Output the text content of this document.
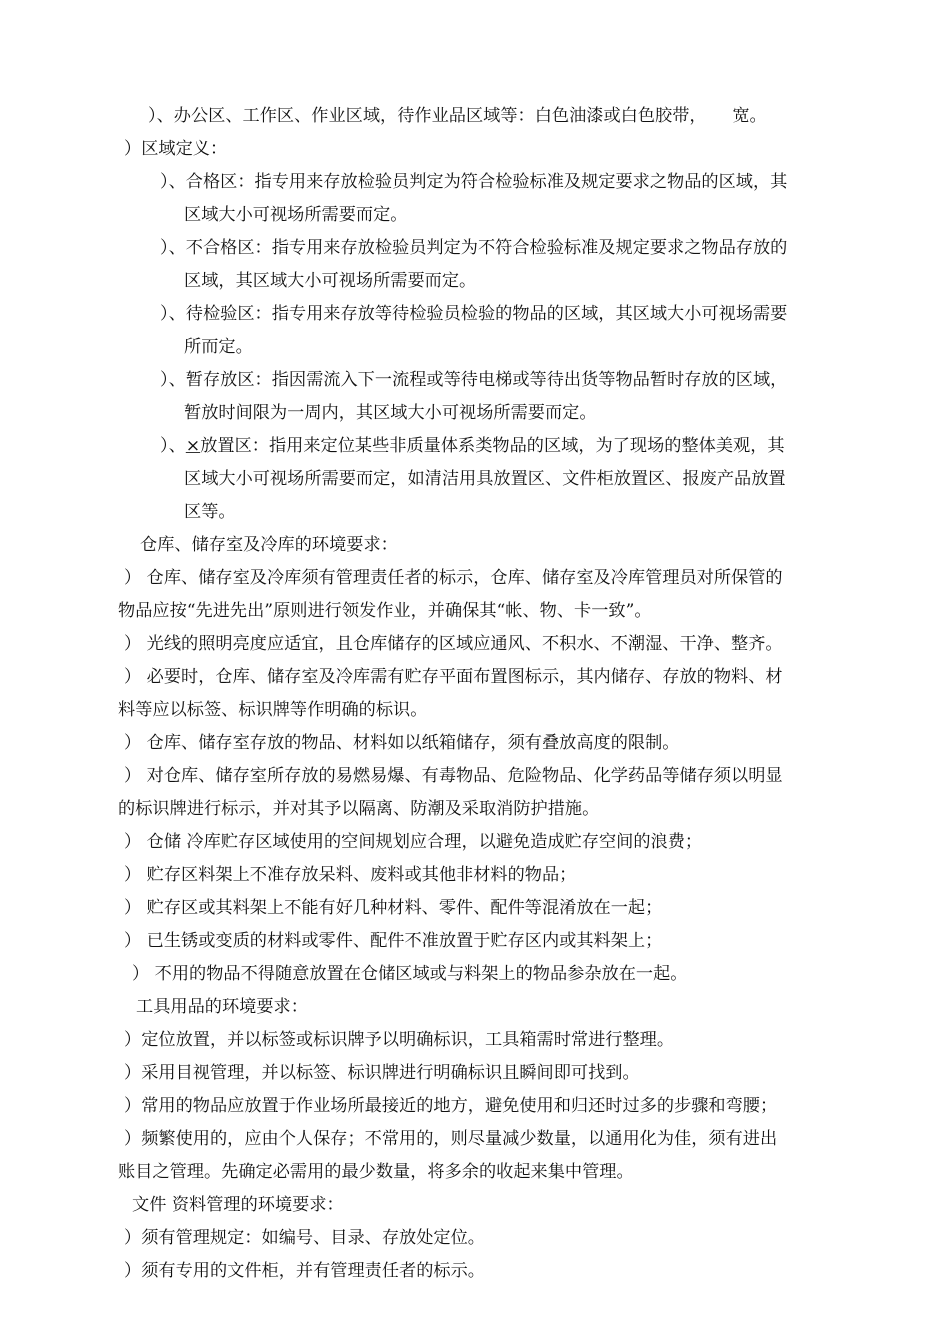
）、办公区、工作区、作业区域，待作业品区域等：白色油漆或白色胶带，　　宽。
）区域定义：
）、合格区：指专用来存放检验员判定为符合检验标准及规定要求之物品的区域，其
区域大小可视场所需要而定。
）、不合格区：指专用来存放检验员判定为不符合检验标准及规定要求之物品存放的
区域，其区域大小可视场所需要而定。
）、待检验区：指专用来存放等待检验员检验的物品的区域，其区域大小可视场需要
所而定。
）、暂存放区：指因需流入下一流程或等待电梯或等待出货等物品暂时存放的区域，
暂放时间限为一周内，其区域大小可视场所需要而定。
）、×放置区：指用来定位某些非质量体系类物品的区域，为了现场的整体美观，其
区域大小可视场所需要而定，如清洁用具放置区、文件柜放置区、报废产品放置
区等。
仓库、储存室及冷库的环境要求：
） 仓库、储存室及冷库须有管理责任者的标示，仓库、储存室及冷库管理员对所保管的
物品应按“先进先出”原则进行领发作业，并确保其“帐、物、卡一致”。
） 光线的照明亮度应适宜，且仓库储存的区域应通风、不积水、不潮湿、干净、整齐。
） 必要时，仓库、储存室及冷库需有贮存平面布置图标示，其内储存、存放的物料、材
料等应以标签、标识牌等作明确的标识。
） 仓库、储存室存放的物品、材料如以纸箱储存，须有叠放高度的限制。
） 对仓库、储存室所存放的易燃易爆、有毒物品、危险物品、化学药品等储存须以明显
的标识牌进行标示，并对其予以隔离、防潮及采取消防护措施。
） 仓储 冷库贮存区域使用的空间规划应合理，以避免造成贮存空间的浪费；
） 贮存区料架上不准存放呆料、废料或其他非材料的物品；
） 贮存区或其料架上不能有好几种材料、零件、配件等混淆放在一起；
） 已生锈或变质的材料或零件、配件不准放置于贮存区内或其料架上；
） 不用的物品不得随意放置在仓储区域或与料架上的物品参杂放在一起。
工具用品的环境要求：
）定位放置，并以标签或标识牌予以明确标识，工具箱需时常进行整理。
）采用目视管理，并以标签、标识牌进行明确标识且瞬间即可找到。
）常用的物品应放置于作业场所最接近的地方，避免使用和归还时过多的步骤和弯腰；
）频繁使用的，应由个人保存；不常用的，则尽量减少数量，以通用化为佳，须有进出
账目之管理。先确定必需用的最少数量，将多余的收起来集中管理。
文件 资料管理的环境要求：
）须有管理规定：如编号、目录、存放处定位。
）须有专用的文件柜，并有管理责任者的标示。
